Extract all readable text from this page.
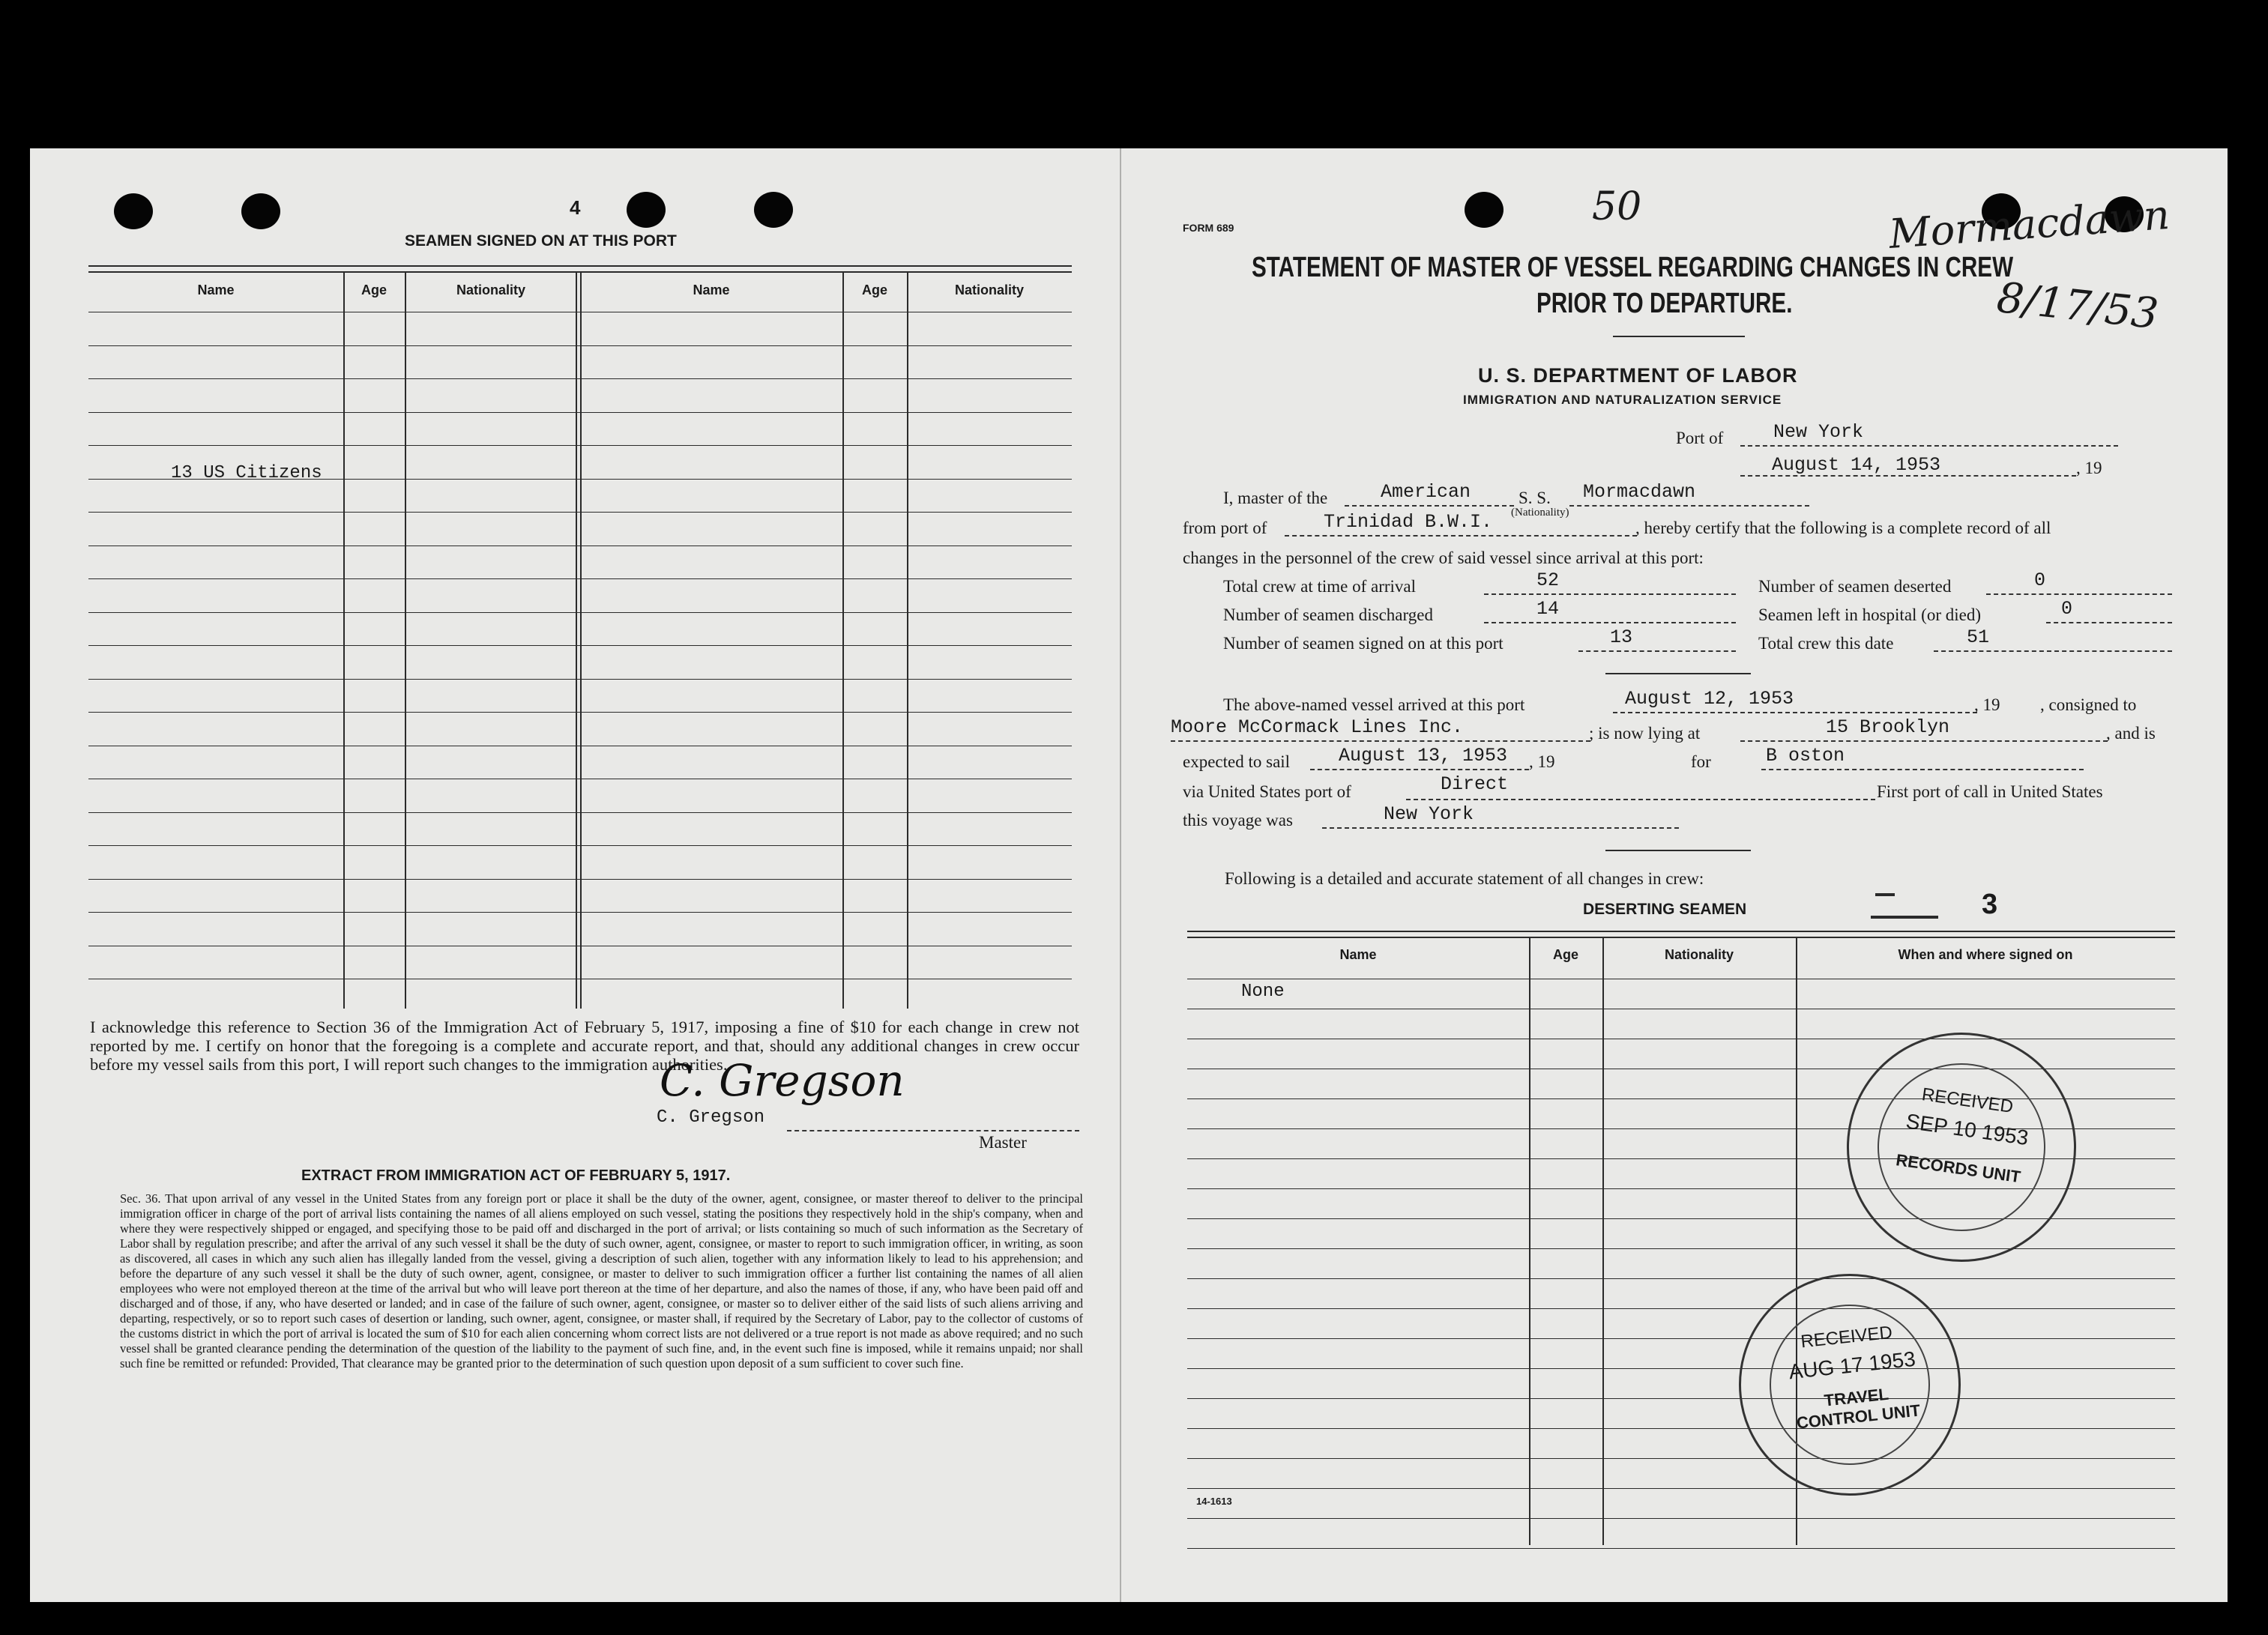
4
SEAMEN SIGNED ON AT THIS PORT
Name	Age	Nationality	Name	Age	Nationality
13 US Citizens
I acknowledge this reference to Section 36 of the Immigration Act of February 5, 1917, imposing a fine of $10 for each change in crew not reported by me. I certify on honor that the foregoing is a complete and accurate report, and that, should any additional changes in crew occur before my vessel sails from this port, I will report such changes to the immigration authorities.
C. Gregson
C. Gregson
Master
EXTRACT FROM IMMIGRATION ACT OF FEBRUARY 5, 1917.
Sec. 36. That upon arrival of any vessel in the United States from any foreign port or place it shall be the duty of the owner, agent, consignee, or master thereof to deliver to the principal immigration officer in charge of the port of arrival lists containing the names of all aliens employed on such vessel, stating the positions they respectively hold in the ship's company, when and where they were respectively shipped or engaged, and specifying those to be paid off and discharged in the port of arrival; or lists containing so much of such information as the Secretary of Labor shall by regulation prescribe; and after the arrival of any such vessel it shall be the duty of such owner, agent, consignee, or master to report to such immigration officer, in writing, as soon as discovered, all cases in which any such alien has illegally landed from the vessel, giving a description of such alien, together with any information likely to lead to his apprehension; and before the departure of any such vessel it shall be the duty of such owner, agent, consignee, or master to deliver to such immigration officer a further list containing the names of all alien employees who were not employed thereon at the time of the arrival but who will leave port thereon at the time of her departure, and also the names of those, if any, who have been paid off and discharged and of those, if any, who have deserted or landed; and in case of the failure of such owner, agent, consignee, or master so to deliver either of the said lists of such aliens arriving and departing, respectively, or so to report such cases of desertion or landing, such owner, agent, consignee, or master shall, if required by the Secretary of Labor, pay to the collector of customs of the customs district in which the port of arrival is located the sum of $10 for each alien concerning whom correct lists are not delivered or a true report is not made as above required; and no such vessel shall be granted clearance pending the determination of the question of the liability to the payment of such fine, and, in the event such fine is imposed, while it remains unpaid; nor shall such fine be remitted or refunded: Provided, That clearance may be granted prior to the determination of such question upon deposit of a sum sufficient to cover such fine.
FORM 689
STATEMENT OF MASTER OF VESSEL REGARDING CHANGES IN CREW
PRIOR TO DEPARTURE.
U. S. DEPARTMENT OF LABOR
IMMIGRATION AND NATURALIZATION SERVICE
Port of	New York
August 14, 1953	, 19
I, master of the	American
(Nationality)
S. S. Mormacdawn
from port of	Trinidad B.W.I.	, hereby certify that the following is a complete record of all
changes in the personnel of the crew of said vessel since arrival at this port:
Total crew at time of arrival	52	Number of seamen deserted	0
Number of seamen discharged	14	Seamen left in hospital (or died)	0
Number of seamen signed on at this port	13	Total crew this date	51
The above-named vessel arrived at this port	August 12, 1953	, 19 , consigned to
Moore McCormack Lines Inc.	; is now lying at	15 Brooklyn	, and is
expected to sail	August 13, 1953 , 19	for	B oston
via United States port of	Direct	First port of call in United States
this voyage was	New York
Following is a detailed and accurate statement of all changes in crew:
DESERTING SEAMEN	3
Name	Age	Nationality	When and where signed on
None
14-1613
Mormacdawn
8/17/53
50
RECEIVED
SEP 10 1953
RECORDS UNIT
RECEIVED
AUG 17 1953
TRAVEL CONTROL UNIT
